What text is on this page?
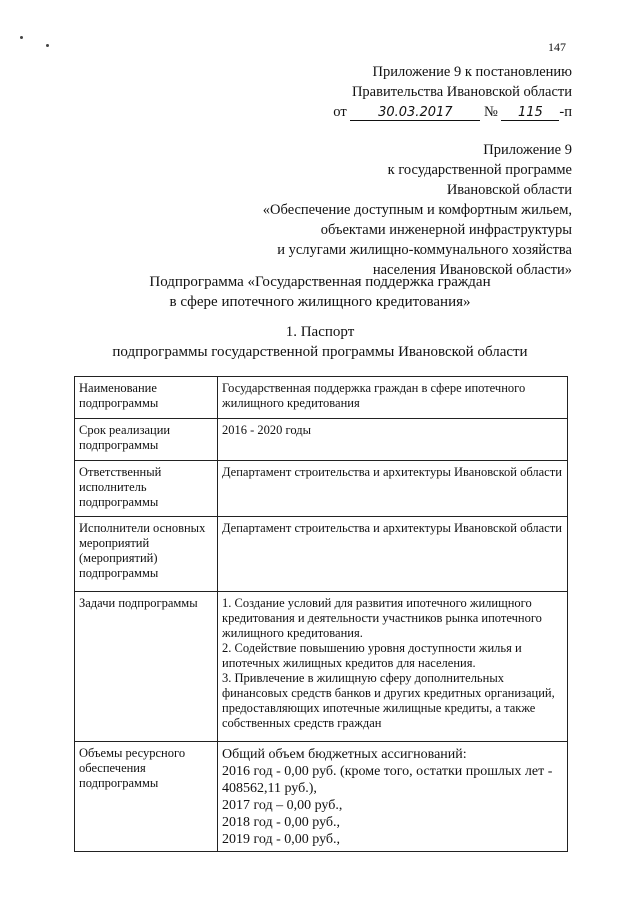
147
Приложение 9 к постановлению
Правительства Ивановской области
от 30.03.2017 № 115 -п
Приложение 9
к государственной программе
Ивановской области
«Обеспечение доступным и комфортным жильем,
объектами инженерной инфраструктуры
и услугами жилищно-коммунального хозяйства
населения Ивановской области»
Подпрограмма «Государственная поддержка граждан
в сфере ипотечного жилищного кредитования»
1. Паспорт
подпрограммы государственной программы Ивановской области
Наименование подпрограммы	Государственная поддержка граждан в сфере ипотечного жилищного кредитования
Срок реализации подпрограммы	2016 - 2020 годы
Ответственный исполнитель подпрограммы	Департамент строительства и архитектуры Ивановской области
Исполнители основных мероприятий (мероприятий) подпрограммы	Департамент строительства и архитектуры Ивановской области
Задачи подпрограммы	1. Создание условий для развития ипотечного жилищного кредитования и деятельности участников рынка ипотечного жилищного кредитования.
2. Содействие повышению уровня доступности жилья и ипотечных жилищных кредитов для населения.
3. Привлечение в жилищную сферу дополнительных финансовых средств банков и других кредитных организаций, предоставляющих ипотечные жилищные кредиты, а также собственных средств граждан

Объемы ресурсного обеспечения подпрограммы	Общий объем бюджетных ассигнований:
2016 год - 0,00 руб. (кроме того, остатки прошлых лет - 408562,11 руб.),
2017 год – 0,00 руб.,
2018 год - 0,00 руб.,
2019 год - 0,00 руб.,
